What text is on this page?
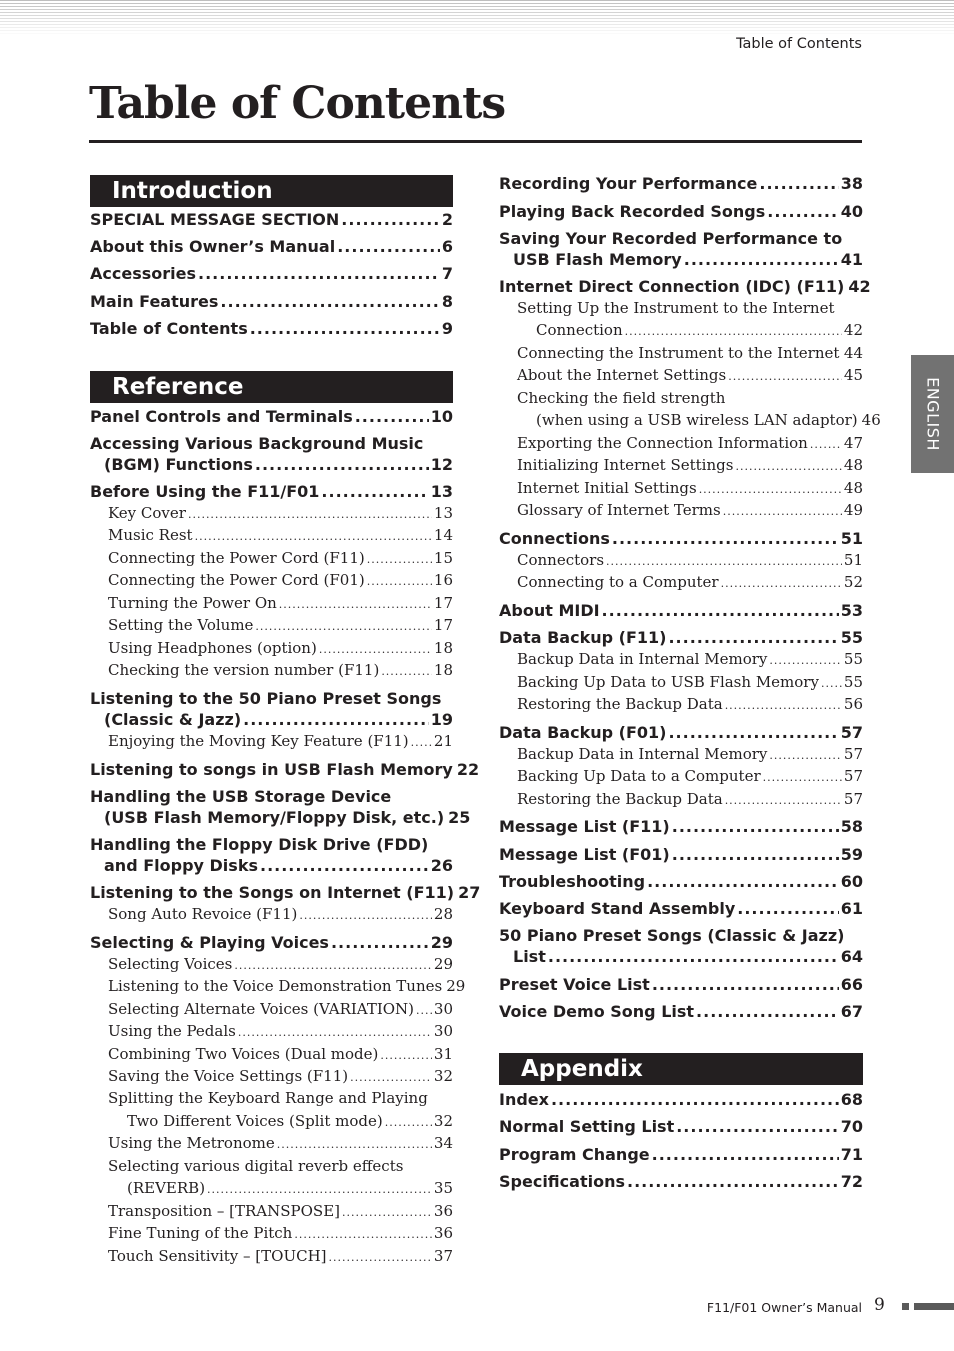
Table of Contents
Table of Contents
Introduction
SPECIAL MESSAGE SECTION .....	2
About this Owner’s Manual .....	6
Accessories .....	7
Main Features .....	8
Table of Contents .....	9
Reference
Panel Controls and Terminals .....	10
Accessing Various Background Music
(BGM) Functions .....	12
Before Using the F11/F01 .....	13
Key Cover .....	13
Music Rest .....	14
Connecting the Power Cord (F11) .....	15
Connecting the Power Cord (F01) .....	16
Turning the Power On .....	17
Setting the Volume .....	17
Using Headphones (option) .....	18
Checking the version number (F11) .....	18
Listening to the 50 Piano Preset Songs
(Classic & Jazz) .....	19
Enjoying the Moving Key Feature (F11) ..... 21
Listening to songs in USB Flash Memory 22
Handling the USB Storage Device
(USB Flash Memory/Floppy Disk, etc.) 25
Handling the Floppy Disk Drive (FDD)
and Floppy Disks .....	26
Listening to the Songs on Internet (F11) 27
Song Auto Revoice (F11) .....	28
Selecting & Playing Voices .....	29
Selecting Voices .....	29
Listening to the Voice Demonstration Tunes 29
Selecting Alternate Voices (VARIATION) ..... 30
Using the Pedals .....	30
Combining Two Voices (Dual mode) .....	31
Saving the Voice Settings (F11) .....	32
Splitting the Keyboard Range and Playing
Two Different Voices (Split mode) .....	32
Using the Metronome .....	34
Selecting various digital reverb effects
(REVERB) .....	35
Transposition – [TRANSPOSE] .....	36
Fine Tuning of the Pitch .....	36
Touch Sensitivity – [TOUCH] .....	37
Recording Your Performance .....	38
Playing Back Recorded Songs .....	40
Saving Your Recorded Performance to
USB Flash Memory .....	41
Internet Direct Connection (IDC) (F11) 42
Setting Up the Instrument to the Internet
Connection .....	42
Connecting the Instrument to the Internet ..... 44
About the Internet Settings .....	45
Checking the field strength
(when using a USB wireless LAN adaptor) 46
Exporting the Connection Information ..... 47
Initializing Internet Settings .....	48
Internet Initial Settings .....	48
Glossary of Internet Terms .....	49
Connections .....	51
Connectors .....	51
Connecting to a Computer .....	52
About MIDI .....	53
Data Backup (F11) .....	55
Backup Data in Internal Memory .....	55
Backing Up Data to USB Flash Memory ..... 55
Restoring the Backup Data .....	56
Data Backup (F01) .....	57
Backup Data in Internal Memory .....	57
Backing Up Data to a Computer .....	57
Restoring the Backup Data .....	57
Message List (F11) .....	58
Message List (F01) .....	59
Troubleshooting .....	60
Keyboard Stand Assembly .....	61
50 Piano Preset Songs (Classic & Jazz)
List .....	64
Preset Voice List .....	66
Voice Demo Song List .....	67
Appendix
Index .....	68
Normal Setting List .....	70
Program Change .....	71
Specifications .....	72
ENGLISH
F11/F01 Owner’s Manual 9
